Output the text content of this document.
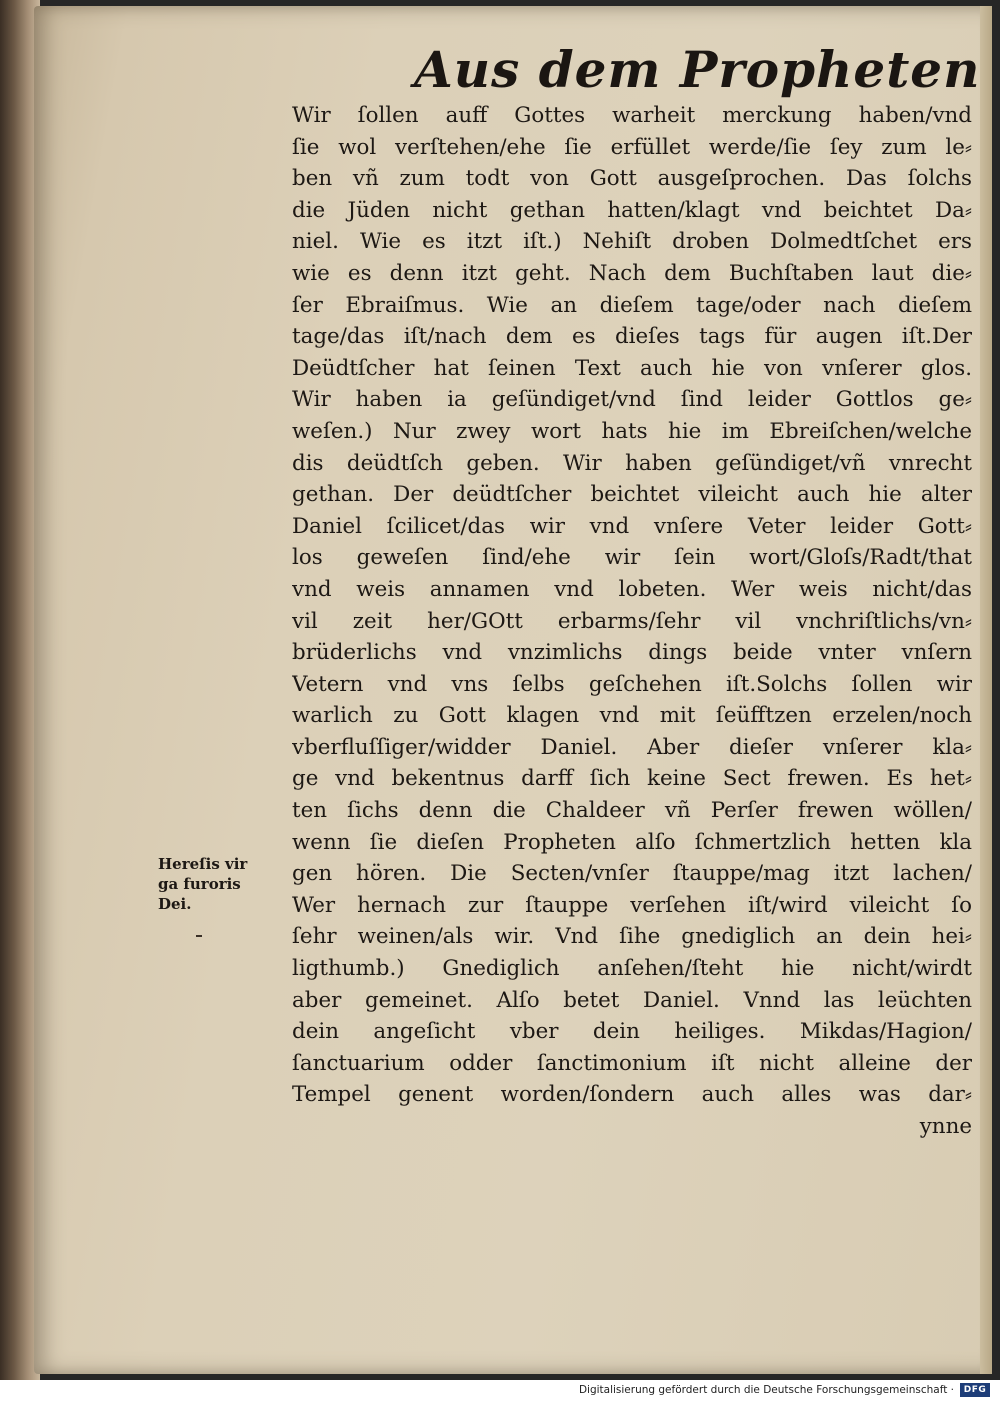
Aus dem Propheten
Wir ſollen auff Gottes warheit merckung haben/vnd
ſie wol verſtehen/ehe ſie erfüllet werde/ſie ſey zum le⸗
ben vñ zum todt von Gott ausgeſprochen. Das ſolchs
die Jüden nicht gethan hatten/klagt vnd beichtet Da⸗
niel. Wie es itzt iſt.) Nehiſt droben Dolmedtſchet ers
wie es denn itzt geht. Nach dem Buchſtaben laut die⸗
ſer Ebraiſmus. Wie an dieſem tage/oder nach dieſem
tage/das iſt/nach dem es dieſes tags für augen iſt.Der
Deüdtſcher hat ſeinen Text auch hie von vnſerer glos.
Wir haben ia geſündiget/vnd ſind leider Gottlos ge⸗
weſen.) Nur zwey wort hats hie im Ebreiſchen/welche
dis deüdtſch geben. Wir haben geſündiget/vñ vnrecht
gethan. Der deüdtſcher beichtet vileicht auch hie alter
Daniel ſcilicet/das wir vnd vnſere Veter leider Gott⸗
los geweſen ſind/ehe wir ſein wort/Gloſs/Radt/that
vnd weis annamen vnd lobeten. Wer weis nicht/das
vil zeit her/GOtt erbarms/ſehr vil vnchriſtlichs/vn⸗
brüderlichs vnd vnzimlichs dings beide vnter vnſern
Vetern vnd vns ſelbs geſchehen iſt.Solchs ſollen wir
warlich zu Gott klagen vnd mit ſeüfftzen erzelen/noch
vberfluſſiger/widder Daniel. Aber dieſer vnſerer kla⸗
ge vnd bekentnus darff ſich keine Sect frewen. Es het⸗
ten ſichs denn die Chaldeer vñ Perſer frewen wöllen/
wenn ſie dieſen Propheten alſo ſchmertzlich hetten kla
gen hören. Die Secten/vnſer ſtauppe/mag itzt lachen/
Wer hernach zur ſtauppe verſehen iſt/wird vileicht ſo
ſehr weinen/als wir. Vnd ſihe gnediglich an dein hei⸗
ligthumb.) Gnediglich anſehen/ſteht hie nicht/wirdt
aber gemeinet. Alſo betet Daniel. Vnnd las leüchten
dein angeſicht vber dein heiliges. Mikdas/Hagion/
ſanctuarium odder ſanctimonium iſt nicht alleine der
Tempel genent worden/ſondern auch alles was dar⸗
ynne
Hereſis vir
ga furoris
Dei.
Digitalisierung gefördert durch die Deutsche Forschungsgemeinschaft ·	DFG
